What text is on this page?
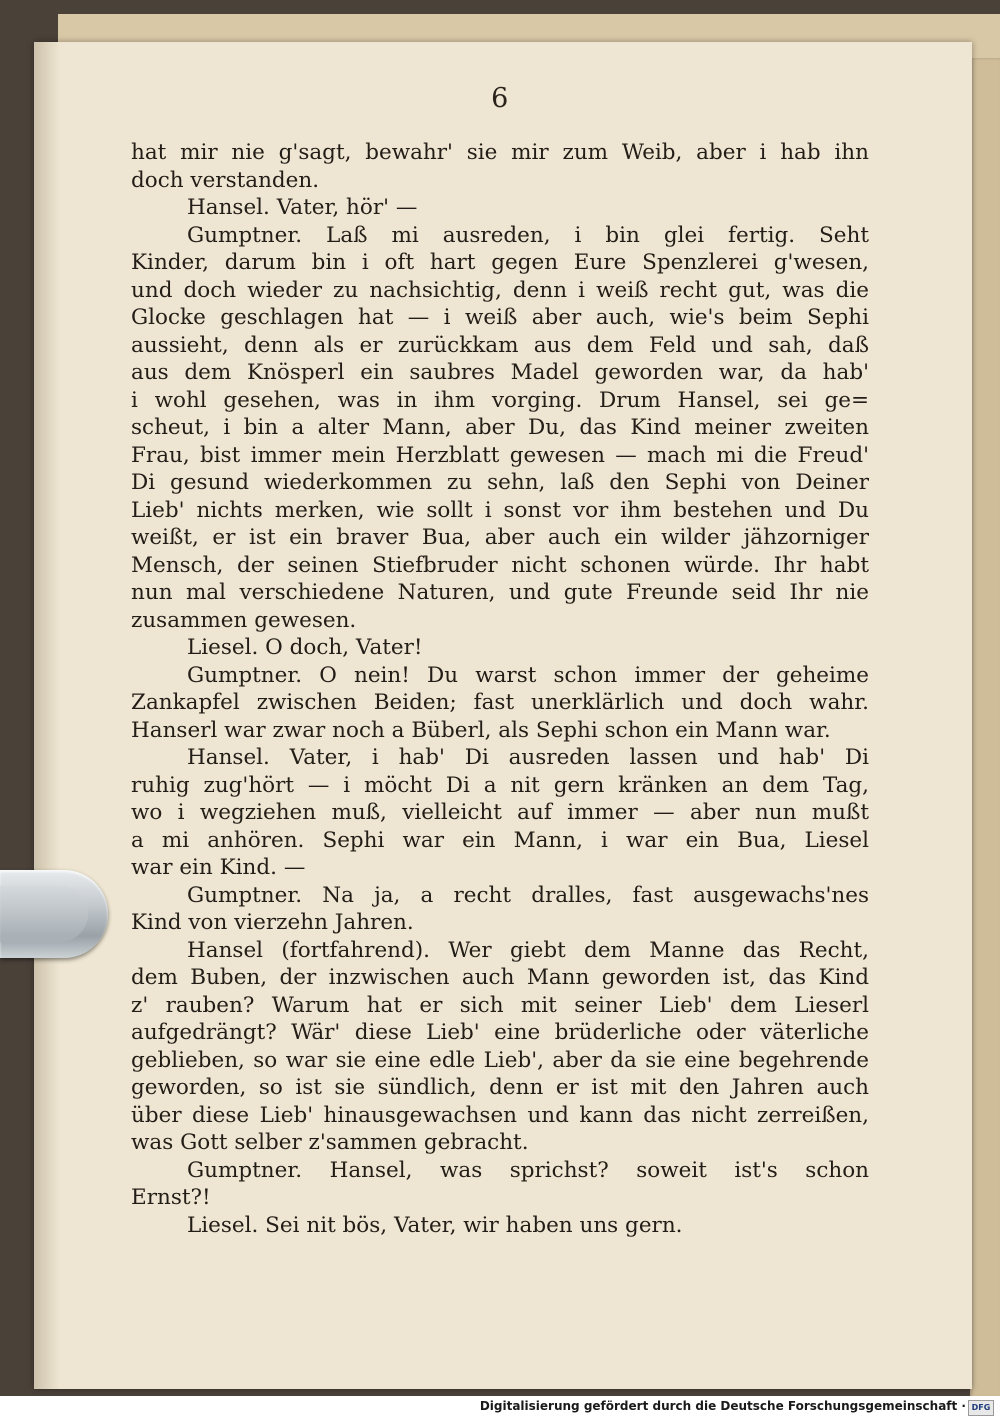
6
hat mir nie g'sagt, bewahr' sie mir zum Weib, aber i hab ihn
doch verstanden.
Hansel. Vater, hör' —
Gumptner. Laß mi ausreden, i bin glei fertig. Seht
Kinder, darum bin i oft hart gegen Eure Spenzlerei g'wesen,
und doch wieder zu nachsichtig, denn i weiß recht gut, was die
Glocke geschlagen hat — i weiß aber auch, wie's beim Sephi
aussieht, denn als er zurückkam aus dem Feld und sah, daß
aus dem Knösperl ein saubres Madel geworden war, da hab'
i wohl gesehen, was in ihm vorging. Drum Hansel, sei ge=
scheut, i bin a alter Mann, aber Du, das Kind meiner zweiten
Frau, bist immer mein Herzblatt gewesen — mach mi die Freud'
Di gesund wiederkommen zu sehn, laß den Sephi von Deiner
Lieb' nichts merken, wie sollt i sonst vor ihm bestehen und Du
weißt, er ist ein braver Bua, aber auch ein wilder jähzorniger
Mensch, der seinen Stiefbruder nicht schonen würde. Ihr habt
nun mal verschiedene Naturen, und gute Freunde seid Ihr nie
zusammen gewesen.
Liesel. O doch, Vater!
Gumptner. O nein! Du warst schon immer der geheime
Zankapfel zwischen Beiden; fast unerklärlich und doch wahr.
Hanserl war zwar noch a Büberl, als Sephi schon ein Mann war.
Hansel. Vater, i hab' Di ausreden lassen und hab' Di
ruhig zug'hört — i möcht Di a nit gern kränken an dem Tag,
wo i wegziehen muß, vielleicht auf immer — aber nun mußt
a mi anhören. Sephi war ein Mann, i war ein Bua, Liesel
war ein Kind. —
Gumptner. Na ja, a recht dralles, fast ausgewachs'nes
Kind von vierzehn Jahren.
Hansel (fortfahrend). Wer giebt dem Manne das Recht,
dem Buben, der inzwischen auch Mann geworden ist, das Kind
z' rauben? Warum hat er sich mit seiner Lieb' dem Lieserl
aufgedrängt? Wär' diese Lieb' eine brüderliche oder väterliche
geblieben, so war sie eine edle Lieb', aber da sie eine begehrende
geworden, so ist sie sündlich, denn er ist mit den Jahren auch
über diese Lieb' hinausgewachsen und kann das nicht zerreißen,
was Gott selber z'sammen gebracht.
Gumptner. Hansel, was sprichst? soweit ist's schon
Ernst?!
Liesel. Sei nit bös, Vater, wir haben uns gern.
Digitalisierung gefördert durch die Deutsche Forschungsgemeinschaft · DFG
